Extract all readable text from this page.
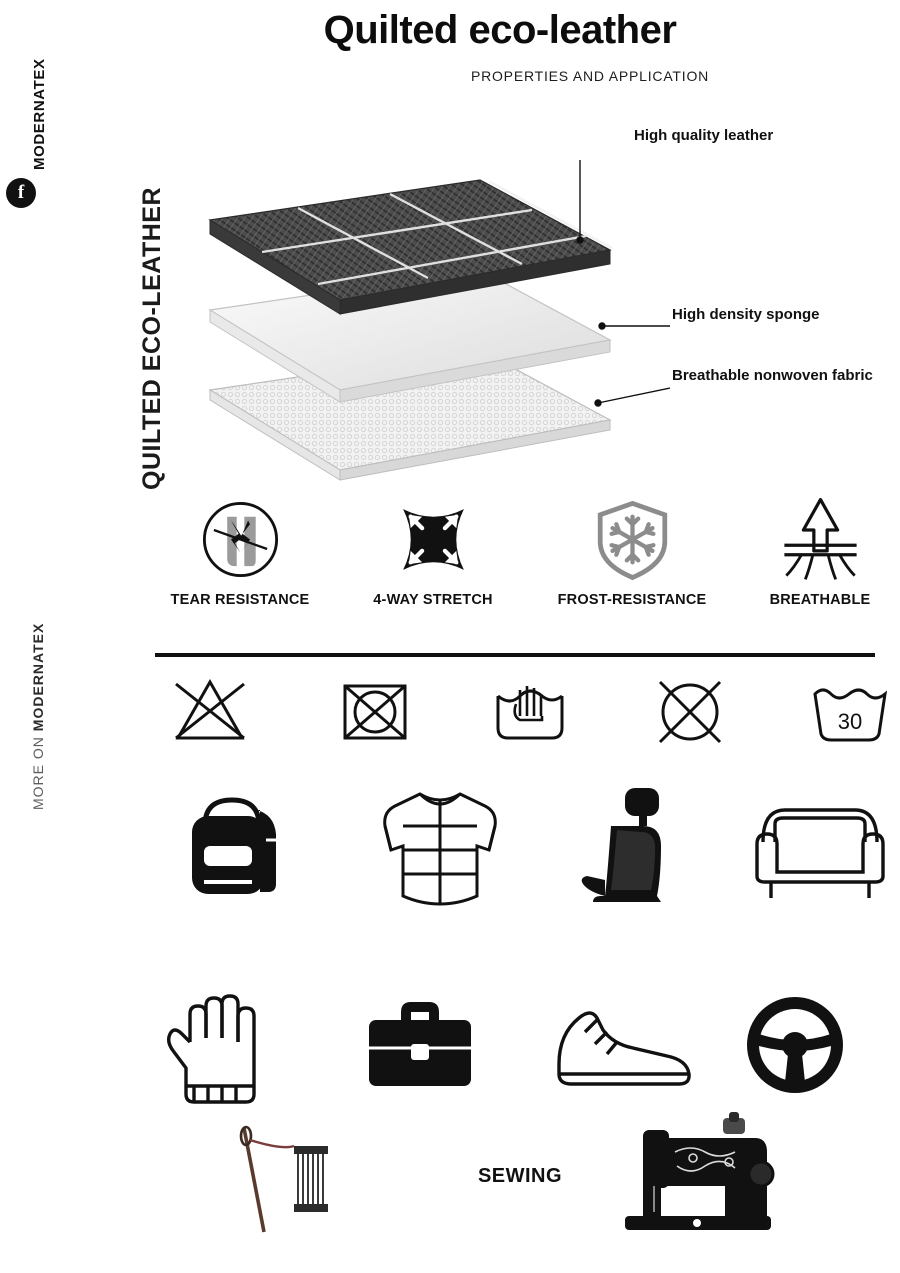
f
MODERNATEX
QUILTED ECO-LEATHER
MORE ON MODERNATEX
Quilted eco-leather
PROPERTIES AND APPLICATION
High quality leather
High density sponge
Breathable nonwoven fabric
TEAR RESISTANCE	4-WAY STRETCH	FROST-RESISTANCE	BREATHABLE
30
SEWING
